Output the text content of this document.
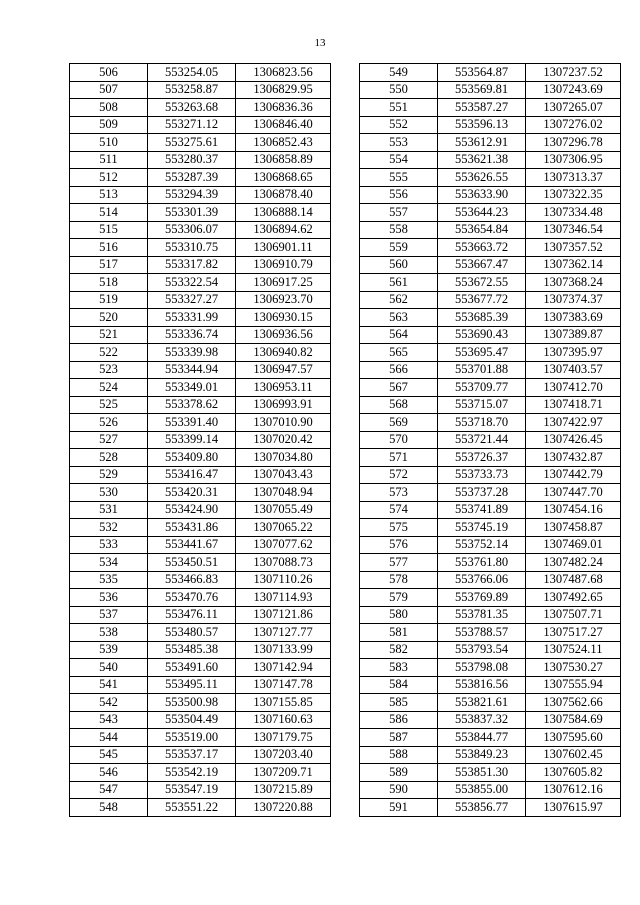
13
506	553254.05	1306823.56
507	553258.87	1306829.95
508	553263.68	1306836.36
509	553271.12	1306846.40
510	553275.61	1306852.43
511	553280.37	1306858.89
512	553287.39	1306868.65
513	553294.39	1306878.40
514	553301.39	1306888.14
515	553306.07	1306894.62
516	553310.75	1306901.11
517	553317.82	1306910.79
518	553322.54	1306917.25
519	553327.27	1306923.70
520	553331.99	1306930.15
521	553336.74	1306936.56
522	553339.98	1306940.82
523	553344.94	1306947.57
524	553349.01	1306953.11
525	553378.62	1306993.91
526	553391.40	1307010.90
527	553399.14	1307020.42
528	553409.80	1307034.80
529	553416.47	1307043.43
530	553420.31	1307048.94
531	553424.90	1307055.49
532	553431.86	1307065.22
533	553441.67	1307077.62
534	553450.51	1307088.73
535	553466.83	1307110.26
536	553470.76	1307114.93
537	553476.11	1307121.86
538	553480.57	1307127.77
539	553485.38	1307133.99
540	553491.60	1307142.94
541	553495.11	1307147.78
542	553500.98	1307155.85
543	553504.49	1307160.63
544	553519.00	1307179.75
545	553537.17	1307203.40
546	553542.19	1307209.71
547	553547.19	1307215.89
548	553551.22	1307220.88
549	553564.87	1307237.52
550	553569.81	1307243.69
551	553587.27	1307265.07
552	553596.13	1307276.02
553	553612.91	1307296.78
554	553621.38	1307306.95
555	553626.55	1307313.37
556	553633.90	1307322.35
557	553644.23	1307334.48
558	553654.84	1307346.54
559	553663.72	1307357.52
560	553667.47	1307362.14
561	553672.55	1307368.24
562	553677.72	1307374.37
563	553685.39	1307383.69
564	553690.43	1307389.87
565	553695.47	1307395.97
566	553701.88	1307403.57
567	553709.77	1307412.70
568	553715.07	1307418.71
569	553718.70	1307422.97
570	553721.44	1307426.45
571	553726.37	1307432.87
572	553733.73	1307442.79
573	553737.28	1307447.70
574	553741.89	1307454.16
575	553745.19	1307458.87
576	553752.14	1307469.01
577	553761.80	1307482.24
578	553766.06	1307487.68
579	553769.89	1307492.65
580	553781.35	1307507.71
581	553788.57	1307517.27
582	553793.54	1307524.11
583	553798.08	1307530.27
584	553816.56	1307555.94
585	553821.61	1307562.66
586	553837.32	1307584.69
587	553844.77	1307595.60
588	553849.23	1307602.45
589	553851.30	1307605.82
590	553855.00	1307612.16
591	553856.77	1307615.97
